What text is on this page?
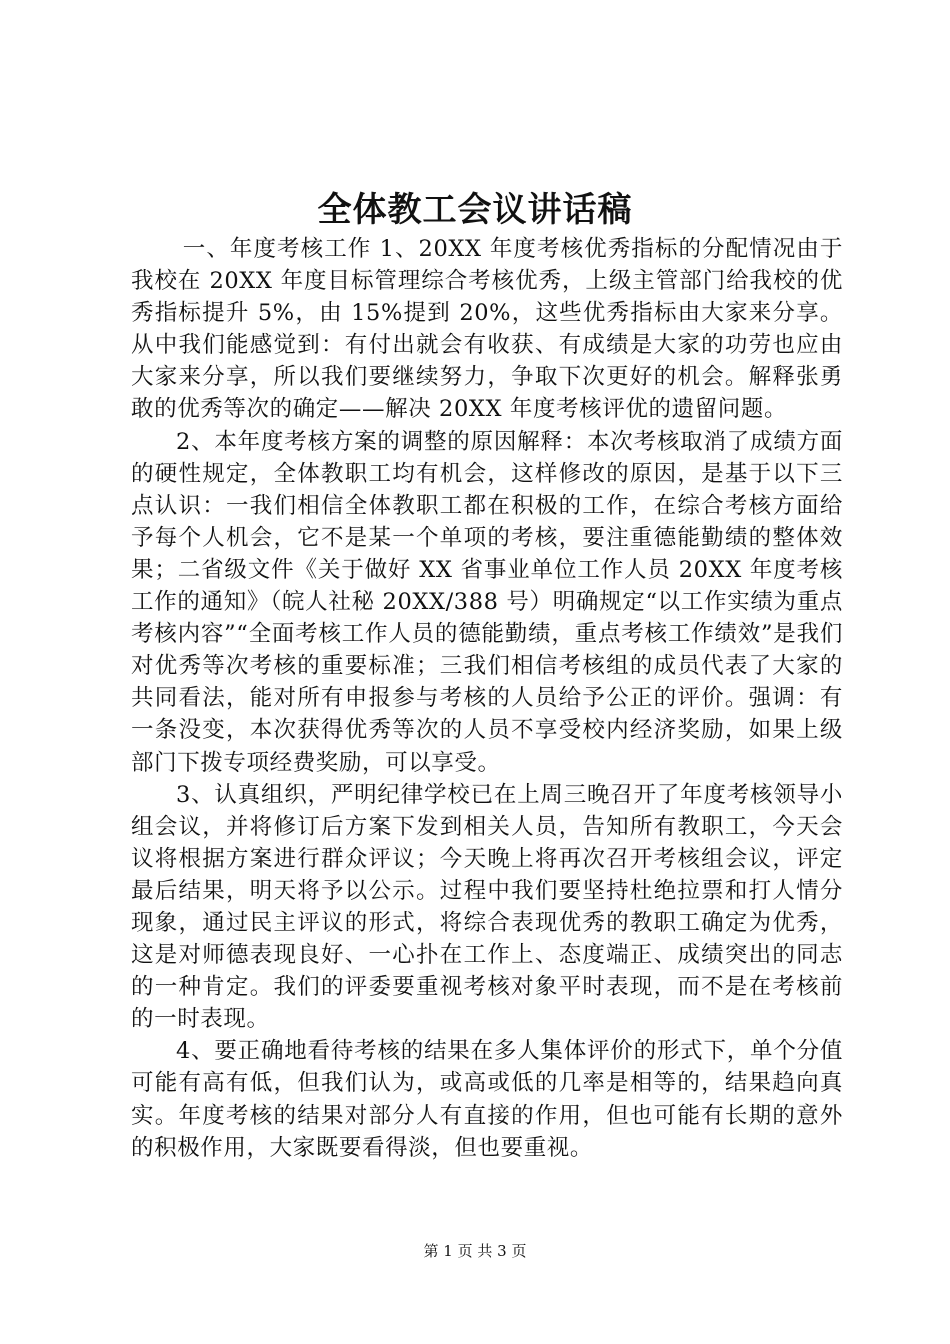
全体教工会议讲话稿

一、年度考核工作 1、20XX 年度考核优秀指标的分配情况由于我校在 20XX 年度目标管理综合考核优秀，上级主管部门给我校的优秀指标提升 5%，由 15%提到 20%，这些优秀指标由大家来分享。从中我们能感觉到：有付出就会有收获、有成绩是大家的功劳也应由大家来分享，所以我们要继续努力，争取下次更好的机会。解释张勇敢的优秀等次的确定——解决 20XX 年度考核评优的遗留问题。

2、本年度考核方案的调整的原因解释：本次考核取消了成绩方面的硬性规定，全体教职工均有机会，这样修改的原因，是基于以下三点认识：一我们相信全体教职工都在积极的工作，在综合考核方面给予每个人机会，它不是某一个单项的考核，要注重德能勤绩的整体效果；二省级文件《关于做好 XX 省事业单位工作人员 20XX 年度考核工作的通知》（皖人社秘 20XX/388 号）明确规定“以工作实绩为重点考核内容”“全面考核工作人员的德能勤绩，重点考核工作绩效”是我们对优秀等次考核的重要标准；三我们相信考核组的成员代表了大家的共同看法，能对所有申报参与考核的人员给予公正的评价。强调：有一条没变，本次获得优秀等次的人员不享受校内经济奖励，如果上级部门下拨专项经费奖励，可以享受。

3、认真组织，严明纪律学校已在上周三晚召开了年度考核领导小组会议，并将修订后方案下发到相关人员，告知所有教职工，今天会议将根据方案进行群众评议；今天晚上将再次召开考核组会议，评定最后结果，明天将予以公示。过程中我们要坚持杜绝拉票和打人情分现象，通过民主评议的形式，将综合表现优秀的教职工确定为优秀，这是对师德表现良好、一心扑在工作上、态度端正、成绩突出的同志的一种肯定。我们的评委要重视考核对象平时表现，而不是在考核前的一时表现。

4、要正确地看待考核的结果在多人集体评价的形式下，单个分值可能有高有低，但我们认为，或高或低的几率是相等的，结果趋向真实。年度考核的结果对部分人有直接的作用，但也可能有长期的意外的积极作用，大家既要看得淡，但也要重视。

第 1 页 共 3 页
